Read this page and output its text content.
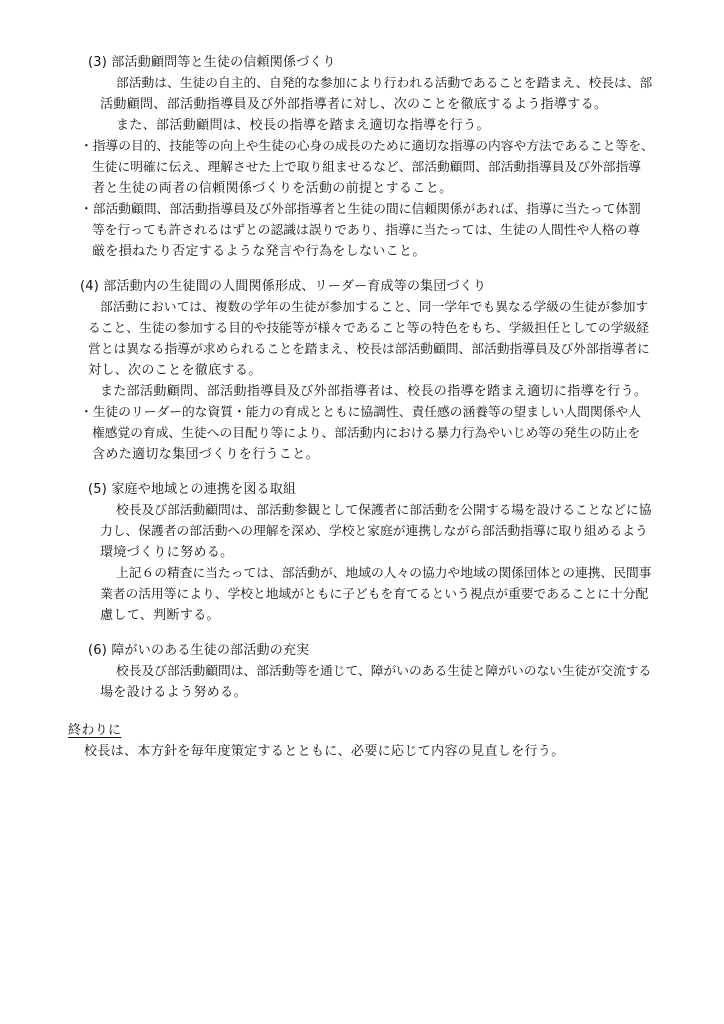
(3) 部活動顧問等と生徒の信頼関係づくり
部活動は、生徒の自主的、自発的な参加により行われる活動であることを踏まえ、校長は、部
活動顧問、部活動指導員及び外部指導者に対し、次のことを徹底するよう指導する。
また、部活動顧問は、校長の指導を踏まえ適切な指導を行う。
・指導の目的、技能等の向上や生徒の心身の成長のために適切な指導の内容や方法であること等を、
生徒に明確に伝え、理解させた上で取り組ませるなど、部活動顧問、部活動指導員及び外部指導
者と生徒の両者の信頼関係づくりを活動の前提とすること。
・部活動顧問、部活動指導員及び外部指導者と生徒の間に信頼関係があれば、指導に当たって体罰
等を行っても許されるはずとの認識は誤りであり、指導に当たっては、生徒の人間性や人格の尊
厳を損ねたり否定するような発言や行為をしないこと。
(4) 部活動内の生徒間の人間関係形成、リーダー育成等の集団づくり
部活動においては、複数の学年の生徒が参加すること、同一学年でも異なる学級の生徒が参加す
ること、生徒の参加する目的や技能等が様々であること等の特色をもち、学級担任としての学級経
営とは異なる指導が求められることを踏まえ、校長は部活動顧問、部活動指導員及び外部指導者に
対し、次のことを徹底する。
また部活動顧問、部活動指導員及び外部指導者は、校長の指導を踏まえ適切に指導を行う。
・生徒のリーダー的な資質・能力の育成とともに協調性、責任感の涵養等の望ましい人間関係や人
権感覚の育成、生徒への目配り等により、部活動内における暴力行為やいじめ等の発生の防止を
含めた適切な集団づくりを行うこと。
(5) 家庭や地域との連携を図る取組
校長及び部活動顧問は、部活動参観として保護者に部活動を公開する場を設けることなどに協
力し、保護者の部活動への理解を深め、学校と家庭が連携しながら部活動指導に取り組めるよう
環境づくりに努める。
上記６の精査に当たっては、部活動が、地域の人々の協力や地域の関係団体との連携、民間事
業者の活用等により、学校と地域がともに子どもを育てるという視点が重要であることに十分配
慮して、判断する。
(6) 障がいのある生徒の部活動の充実
校長及び部活動顧問は、部活動等を通じて、障がいのある生徒と障がいのない生徒が交流する
場を設けるよう努める。
終わりに
校長は、本方針を毎年度策定するとともに、必要に応じて内容の見直しを行う。
